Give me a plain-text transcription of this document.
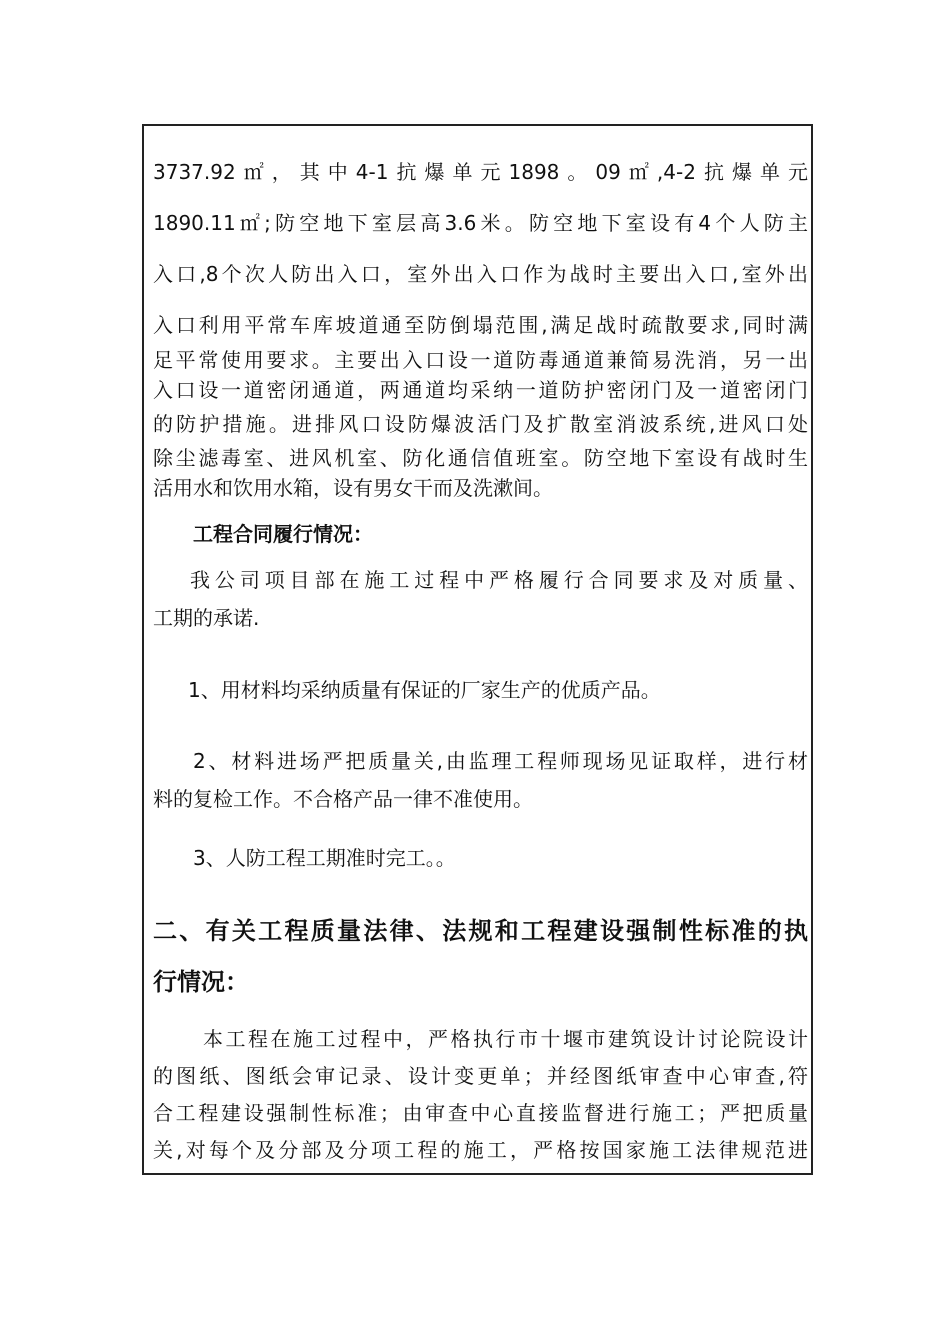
3737.92㎡，其中4-1抗爆单元1898。09㎡,4-2抗爆单元
1890.11㎡;防空地下室层高3.6米。防空地下室设有4个人防主
入口,8个次人防出入口，室外出入口作为战时主要出入口,室外出
入口利用平常车库坡道通至防倒塌范围,满足战时疏散要求,同时满
足平常使用要求。主要出入口设一道防毒通道兼简易洗消，另一出
入口设一道密闭通道，两通道均采纳一道防护密闭门及一道密闭门
的防护措施。进排风口设防爆波活门及扩散室消波系统,进风口处
除尘滤毒室、进风机室、防化通信值班室。防空地下室设有战时生
活用水和饮用水箱，设有男女干而及洗漱间。
工程合同履行情况：
我公司项目部在施工过程中严格履行合同要求及对质量、
工期的承诺.
1、用材料均采纳质量有保证的厂家生产的优质产品。
2、材料进场严把质量关,由监理工程师现场见证取样，进行材
料的复检工作。不合格产品一律不准使用。
3、人防工程工期准时完工。。
二、有关工程质量法律、法规和工程建设强制性标准的执
行情况：
本工程在施工过程中，严格执行市十堰市建筑设计讨论院设计
的图纸、图纸会审记录、设计变更单；并经图纸审查中心审查,符
合工程建设强制性标准；由审查中心直接监督进行施工；严把质量
关,对每个及分部及分项工程的施工，严格按国家施工法律规范进
